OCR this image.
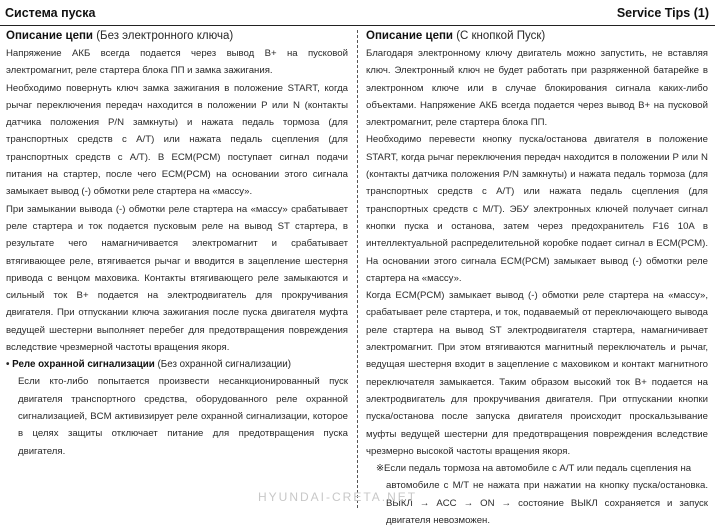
Система пуска	Service Tips (1)

Описание цепи (Без электронного ключа)

Напряжение АКБ всегда подается через вывод B+ на пусковой электромагнит, реле стартера блока ПП и замка зажигания.

Необходимо повернуть ключ замка зажигания в положение START, когда рычаг переключения передач находится в положении P или N (контакты датчика положения P/N замкнуты) и нажата педаль тормоза (для транспортных средств с A/T) или нажата педаль сцепления (для транспортных средств с A/T). В ECM(PCM) поступает сигнал подачи питания на стартер, после чего ECM(PCM) на основании этого сигнала замыкает вывод (-) обмотки реле стартера на «массу».

При замыкании вывода (-) обмотки реле стартера на «массу» срабатывает реле стартера и ток подается пусковым реле на вывод ST стартера, в результате чего намагничивается электромагнит и срабатывает втягивающее реле, втягивается рычаг и вводится в зацепление шестерня привода с венцом маховика. Контакты втягивающего реле замыкаются и сильный ток B+ подается на электродвигатель для прокручивания двигателя. При отпускании ключа зажигания после пуска двигателя муфта ведущей шестерни выполняет перебег для предотвращения повреждения вследствие чрезмерной частоты вращения якоря.

• Реле охранной сигнализации (Без охранной сигнализации)

Если кто-либо попытается произвести несанкционированный пуск двигателя транспортного средства, оборудованного реле охранной сигнализацией, BCM активизирует реле охранной сигнализации, которое в целях защиты отключает питание для предотвращения пуска двигателя.

Описание цепи (С кнопкой Пуск)

Благодаря электронному ключу двигатель можно запустить, не вставляя ключ. Электронный ключ не будет работать при разряженной батарейке в электронном ключе или в случае блокирования сигнала каких-либо объектами. Напряжение АКБ всегда подается через вывод B+ на пусковой электромагнит, реле стартера блока ПП.

Необходимо перевести кнопку пуска/останова двигателя в положение START, когда рычаг переключения передач находится в положении P или N (контакты датчика положения P/N замкнуты) и нажата педаль тормоза (для транспортных средств с A/T) или нажата педаль сцепления (для транспортных средств с M/T). ЭБУ электронных ключей получает сигнал кнопки пуска и останова, затем через предохранитель F16 10A в интеллектуальной распределительной коробке подает сигнал в ECM(PCM). На основании этого сигнала ECM(PCM) замыкает вывод (-) обмотки реле стартера на «массу».

Когда ECM(PCM) замыкает вывод (-) обмотки реле стартера на «массу», срабатывает реле стартера, и ток, подаваемый от переключающего вывода реле стартера на вывод ST электродвигателя стартера, намагничивает электромагнит. При этом втягиваются магнитный переключатель и рычаг, ведущая шестерня входит в зацепление с маховиком и контакт магнитного переключателя замыкается. Таким образом высокий ток B+ подается на электродвигатель для прокручивания двигателя. При отпускании кнопки пуска/останова после запуска двигателя происходит проскальзывание муфты ведущей шестерни для предотвращения повреждения вследствие чрезмерно высокой частоты вращения якоря.

※Если педаль тормоза на автомобиле с A/T или педаль сцепления на
автомобиле с M/T не нажата при нажатии на кнопку пуска/остановка. ВЫКЛ → ACC → ON → состояние ВЫКЛ сохраняется и запуск двигателя невозможен.

HYUNDAI-CRETA.NET
